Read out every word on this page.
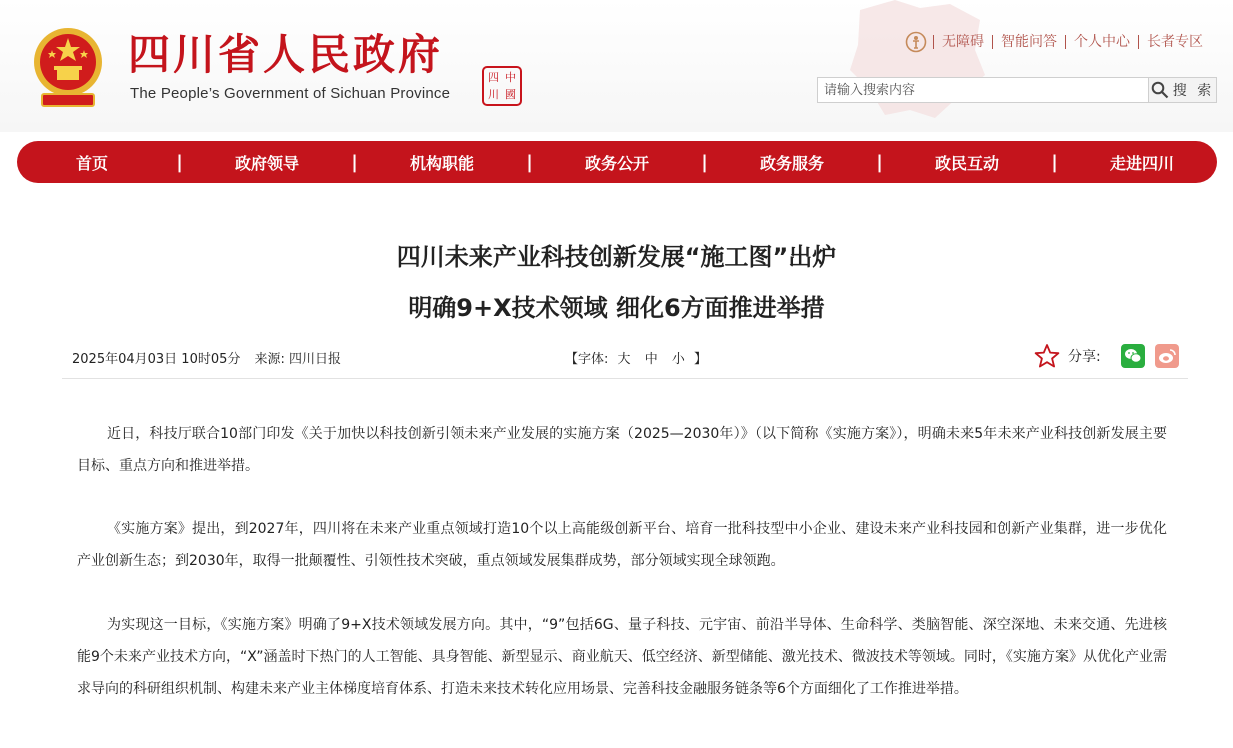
四川省人民政府
The People’s Government of Sichuan Province
四 中
川 國
无障碍	智能问答	个人中心	长者专区
请输入搜索内容
搜 索
首页	|	政府领导	|	机构职能	|	政务公开	|	政务服务	|	政民互动	|	走进四川
四川未来产业科技创新发展“施工图”出炉
明确9+X技术领域 细化6方面推进举措
2025年04月03日 10时05分 来源: 四川日报	【字体: 大 中 小 】	分享:

近日，科技厅联合10部门印发《关于加快以科技创新引领未来产业发展的实施方案（2025—2030年）》（以下简称《实施方案》），明确未来5年未来产业科技创新发展主要目标、重点方向和推进举措。

《实施方案》提出，到2027年，四川将在未来产业重点领域打造10个以上高能级创新平台、培育一批科技型中小企业、建设未来产业科技园和创新产业集群，进一步优化产业创新生态；到2030年，取得一批颠覆性、引领性技术突破，重点领域发展集群成势，部分领域实现全球领跑。

为实现这一目标，《实施方案》明确了9+X技术领域发展方向。其中，“9”包括6G、量子科技、元宇宙、前沿半导体、生命科学、类脑智能、深空深地、未来交通、先进核能9个未来产业技术方向，“X”涵盖时下热门的人工智能、具身智能、新型显示、商业航天、低空经济、新型储能、激光技术、微波技术等领域。同时，《实施方案》从优化产业需求导向的科研组织机制、构建未来产业主体梯度培育体系、打造未来技术转化应用场景、完善科技金融服务链条等6个方面细化了工作推进举措。
